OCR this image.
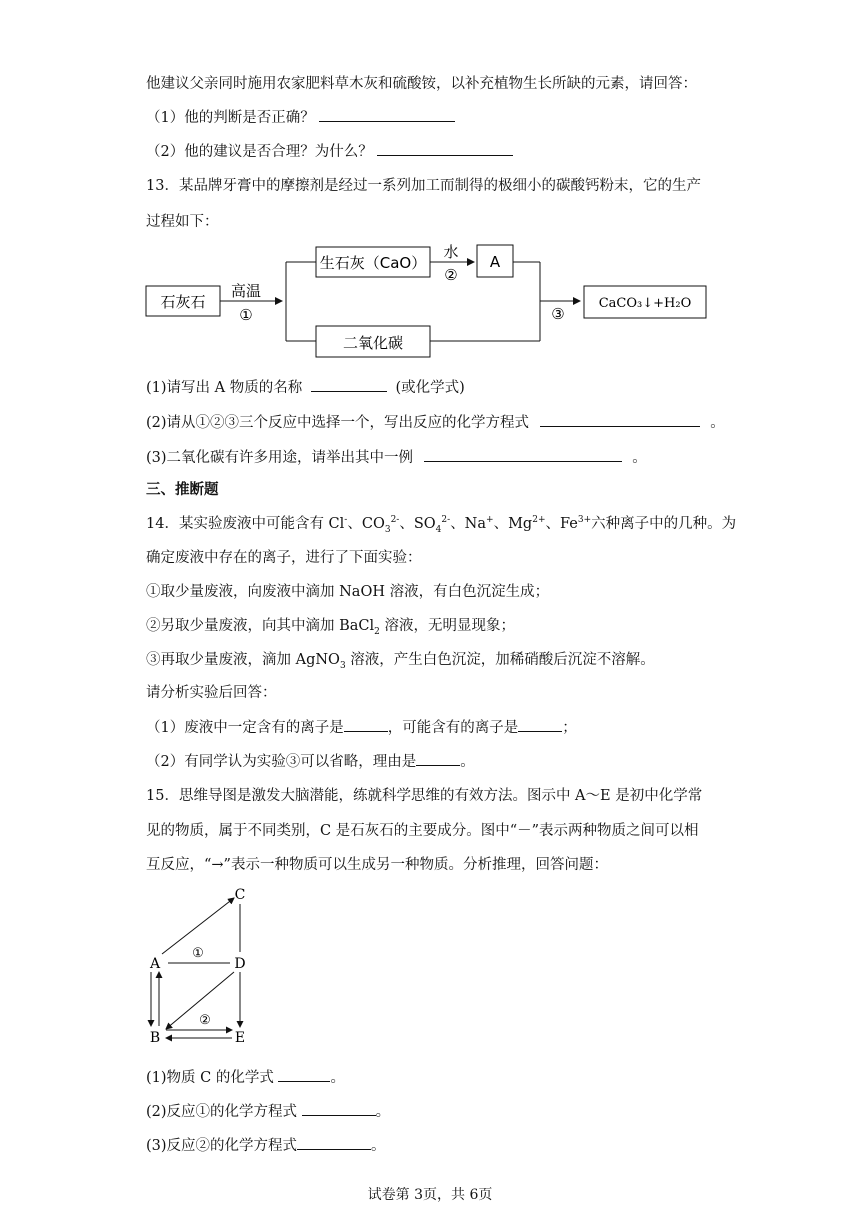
他建议父亲同时施用农家肥料草木灰和硫酸铵，以补充植物生长所缺的元素，请回答：
（1）他的判断是否正确？
（2）他的建议是否合理？为什么？
13．某品牌牙膏中的摩擦剂是经过一系列加工而制得的极细小的碳酸钙粉末，它的生产
过程如下：
石灰石
高温
①
生石灰（CaO）
水
②
A
二氧化碳
③
CaCO₃↓+H₂O
(1)请写出 A 物质的名称	(或化学式)
(2)请从①②③三个反应中选择一个，写出反应的化学方程式	。
(3)二氧化碳有许多用途，请举出其中一例	。
三、推断题
14．某实验废液中可能含有 Cl-、$CO_3^{2-}$、$SO_4^{2-}$、Na+、$Mg^{2+}$、$Fe^{3+}$六种离子中的几种。为
确定废液中存在的离子，进行了下面实验：
①取少量废液，向废液中滴加 NaOH 溶液，有白色沉淀生成；
②另取少量废液，向其中滴加 BaCl$_2$ 溶液，无明显现象；
③再取少量废液，滴加 AgNO$_3$ 溶液，产生白色沉淀，加稀硝酸后沉淀不溶解。
请分析实验后回答：
（1）废液中一定含有的离子是	，可能含有的离子是	；
（2）有同学认为实验③可以省略，理由是	。
15．思维导图是激发大脑潜能，练就科学思维的有效方法。图示中 A～E 是初中化学常
见的物质，属于不同类别，C 是石灰石的主要成分。图中“－”表示两种物质之间可以相
互反应，“→”表示一种物质可以生成另一种物质。分析推理，回答问题：
C
A	D
B	E
①
②
(1)物质 C 的化学式	。
(2)反应①的化学方程式	。
(3)反应②的化学方程式	。
试卷第 3页，共 6页
